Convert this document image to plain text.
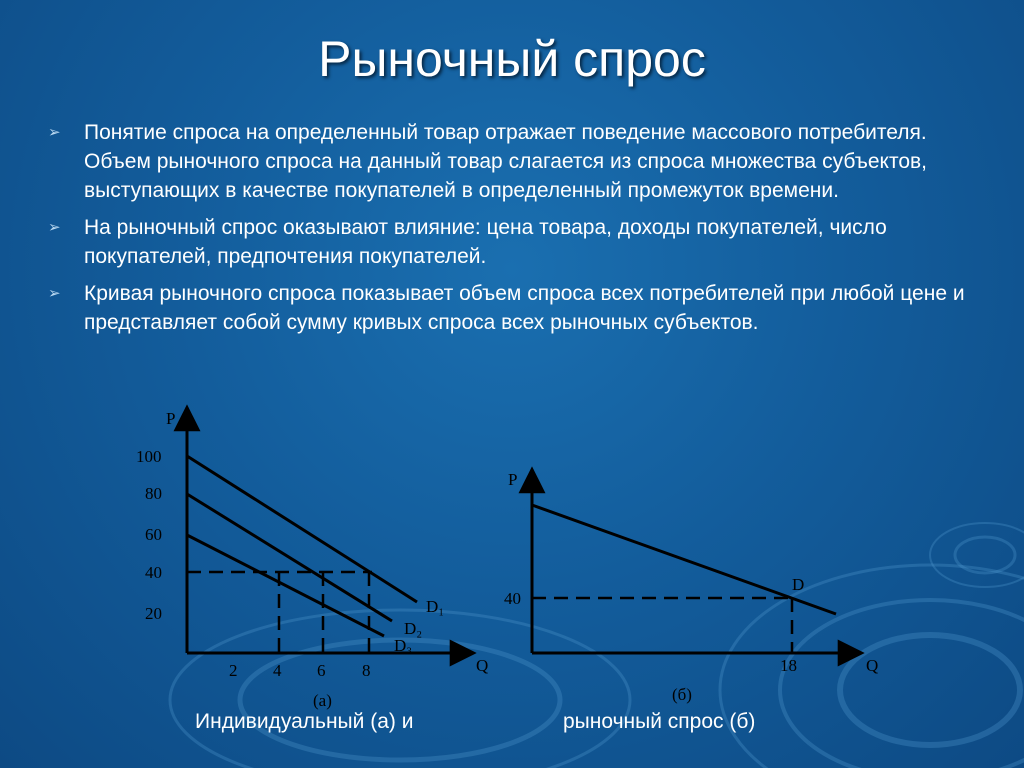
Рыночный спрос
➢ Понятие спроса на определенный товар отражает поведение массового потребителя. Объем рыночного спроса на данный товар слагается из спроса множества субъектов, выступающих в качестве покупателей в определенный промежуток времени.
➢ На рыночный спрос оказывают влияние: цена товара, доходы покупателей, число покупателей, предпочтения покупателей.
➢ Кривая рыночного спроса показывает объем спроса всех потребителей при любой цене и представляет собой сумму кривых спроса всех рыночных субъектов.
P
100
80
60
40
20
2 4 6 8	Q
D₁
D₂
D₃
(а)
P
40
18	Q
D
(б)
Индивидуальный (а) и	рыночный спрос (б)
